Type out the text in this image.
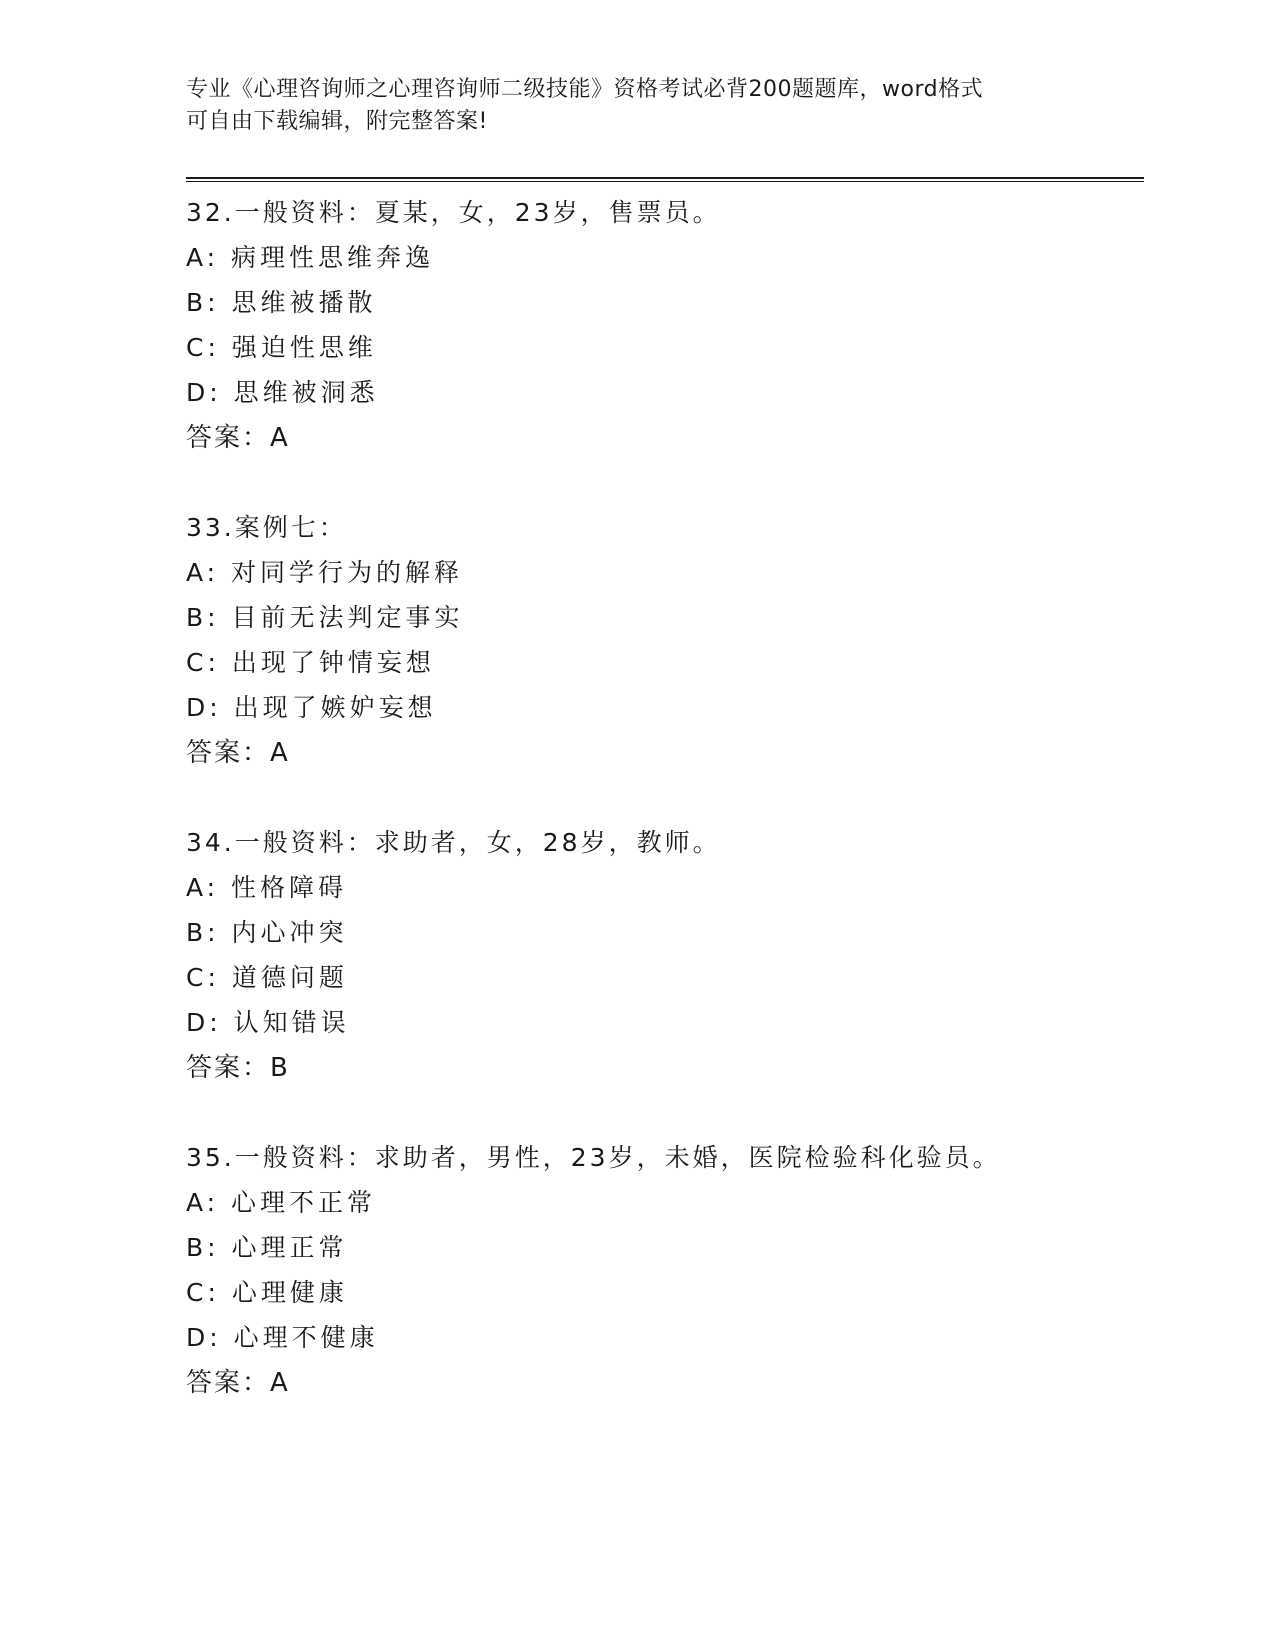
专业《心理咨询师之心理咨询师二级技能》资格考试必背200题题库，word格式
可自由下载编辑，附完整答案!
32.一般资料：夏某，女，23岁，售票员。
A: 病理性思维奔逸
B: 思维被播散
C: 强迫性思维
D: 思维被洞悉
答案：A
33.案例七：
A: 对同学行为的解释
B: 目前无法判定事实
C: 出现了钟情妄想
D: 出现了嫉妒妄想
答案：A
34.一般资料：求助者，女，28岁，教师。
A: 性格障碍
B: 内心冲突
C: 道德问题
D: 认知错误
答案：B
35.一般资料：求助者，男性，23岁，未婚，医院检验科化验员。
A: 心理不正常
B: 心理正常
C: 心理健康
D: 心理不健康
答案：A
